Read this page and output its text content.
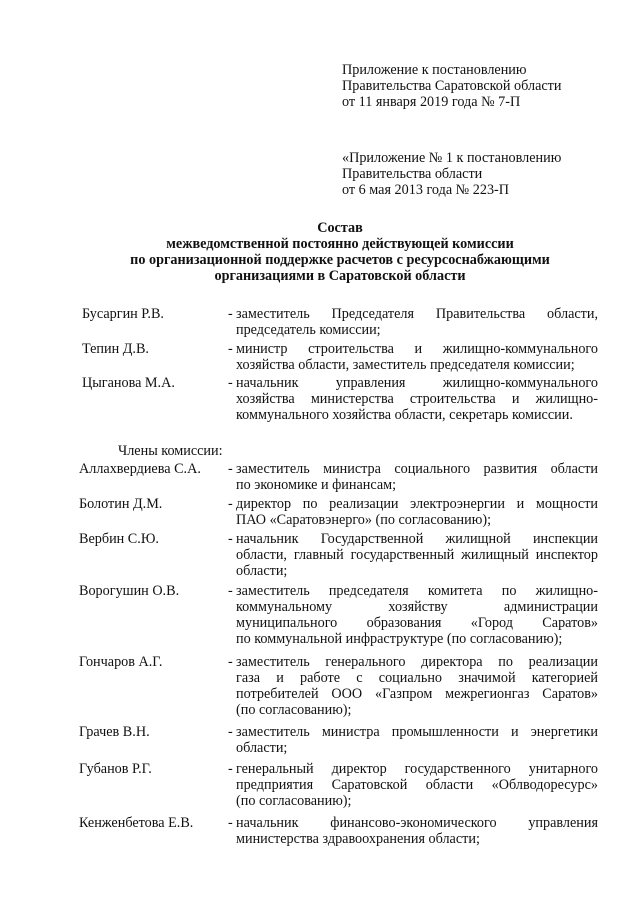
Приложение к постановлению
Правительства Саратовской области
от 11 января 2019 года № 7-П
«Приложение № 1 к постановлению
Правительства области
от 6 мая 2013 года № 223-П
Состав
межведомственной постоянно действующей комиссии
по организационной поддержке расчетов с ресурсоснабжающими
организациями в Саратовской области
Бусаргин Р.В.	- заместитель Председателя Правительства области,
председатель комиссии;
Тепин Д.В.	- министр строительства и жилищно-коммунального
хозяйства области, заместитель председателя комиссии;
Цыганова М.А.	- начальник управления жилищно-коммунального
хозяйства министерства строительства и жилищно-
коммунального хозяйства области, секретарь комиссии.
Члены комиссии:
Аллахвердиева С.А. - заместитель министра социального развития области
по экономике и финансам;
Болотин Д.М.	- директор по реализации электроэнергии и мощности
ПАО «Саратовэнерго» (по согласованию);
Вербин С.Ю.	- начальник Государственной жилищной инспекции
области, главный государственный жилищный инспектор
области;
Ворогушин О.В.	- заместитель председателя комитета по жилищно-
коммунальному хозяйству администрации
муниципального образования «Город Саратов»
по коммунальной инфраструктуре (по согласованию);
Гончаров А.Г.	- заместитель генерального директора по реализации
газа и работе с социально значимой категорией
потребителей ООО «Газпром межрегионгаз Саратов»
(по согласованию);
Грачев В.Н.	- заместитель министра промышленности и энергетики
области;
Губанов Р.Г.	- генеральный директор государственного унитарного
предприятия Саратовской области «Облводоресурс»
(по согласованию);
Кенженбетова Е.В. - начальник финансово-экономического управления
министерства здравоохранения области;
